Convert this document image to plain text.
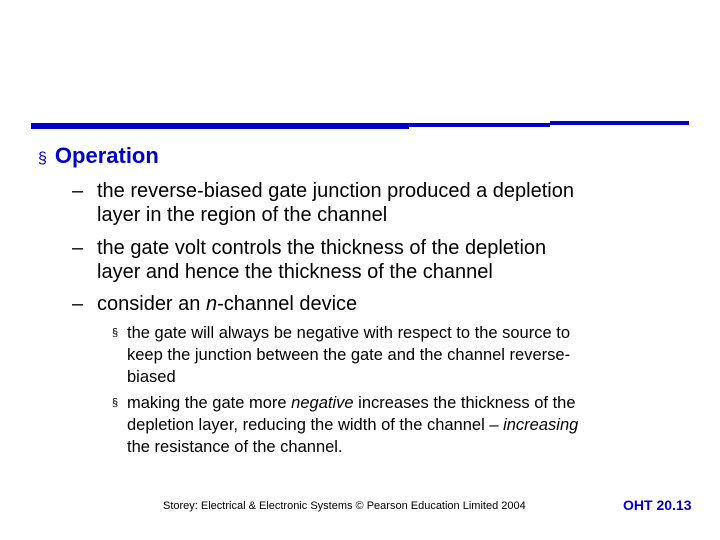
§ Operation
– the reverse-biased gate junction produced a depletion
layer in the region of the channel
– the gate volt controls the thickness of the depletion
layer and hence the thickness of the channel
– consider an n-channel device
§ the gate will always be negative with respect to the source to
keep the junction between the gate and the channel reverse-
biased
§ making the gate more negative increases the thickness of the
depletion layer, reducing the width of the channel – increasing
the resistance of the channel.
Storey: Electrical & Electronic Systems © Pearson Education Limited 2004	OHT 20.13
